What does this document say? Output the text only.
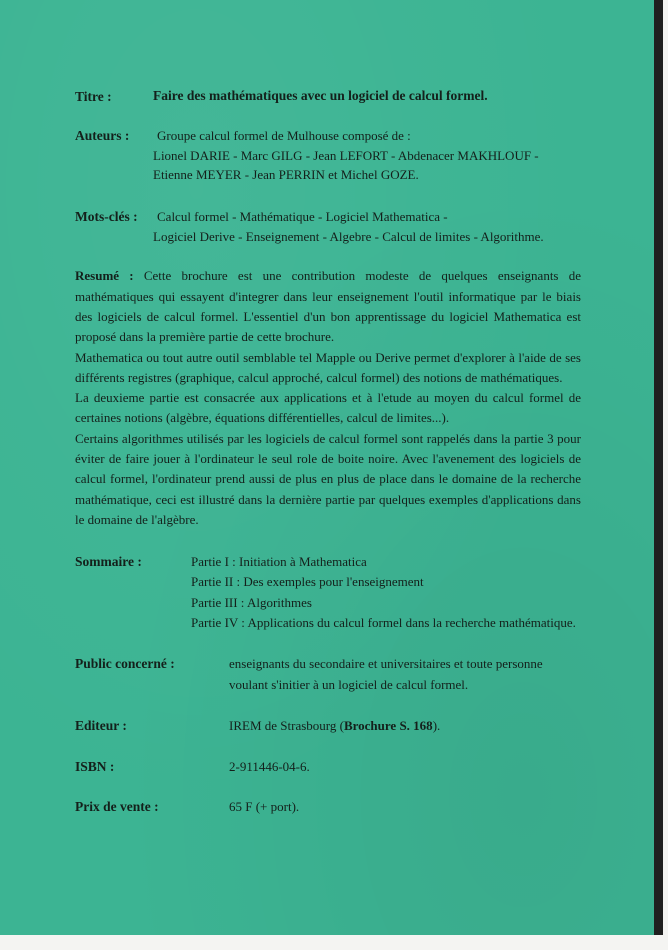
Titre :	Faire des mathématiques avec un logiciel de calcul formel.
Auteurs : Groupe calcul formel de Mulhouse composé de :
Lionel DARIE - Marc GILG - Jean LEFORT - Abdenacer MAKHLOUF -
Etienne MEYER - Jean PERRIN et Michel GOZE.
Mots-clés : Calcul formel - Mathématique - Logiciel Mathematica -
Logiciel Derive - Enseignement - Algebre - Calcul de limites - Algorithme.
Resumé : Cette brochure est une contribution modeste de quelques enseignants de
mathématiques qui essayent d'integrer dans leur enseignement l'outil informatique par le biais
des logiciels de calcul formel. L'essentiel d'un bon apprentissage du logiciel Mathematica est
proposé dans la première partie de cette brochure.
Mathematica ou tout autre outil semblable tel Mapple ou Derive permet d'explorer à l'aide de ses
différents registres (graphique, calcul approché, calcul formel) des notions de mathématiques.
La deuxieme partie est consacrée aux applications et à l'etude au moyen du calcul formel de
certaines notions (algèbre, équations différentielles, calcul de limites...).
Certains algorithmes utilisés par les logiciels de calcul formel sont rappelés dans la partie 3 pour
éviter de faire jouer à l'ordinateur le seul role de boite noire. Avec l'avenement des logiciels de
calcul formel, l'ordinateur prend aussi de plus en plus de place dans le domaine de la recherche
mathématique, ceci est illustré dans la dernière partie par quelques exemples d'applications dans
le domaine de l'algèbre.
Sommaire :	Partie I : Initiation à Mathematica
Partie II : Des exemples pour l'enseignement
Partie III : Algorithmes
Partie IV : Applications du calcul formel dans la recherche mathématique.
Public concerné :	enseignants du secondaire et universitaires et toute personne
voulant s'initier à un logiciel de calcul formel.
Editeur :	IREM de Strasbourg (Brochure S. 168).
ISBN :	2-911446-04-6.
Prix de vente :	65 F (+ port).
